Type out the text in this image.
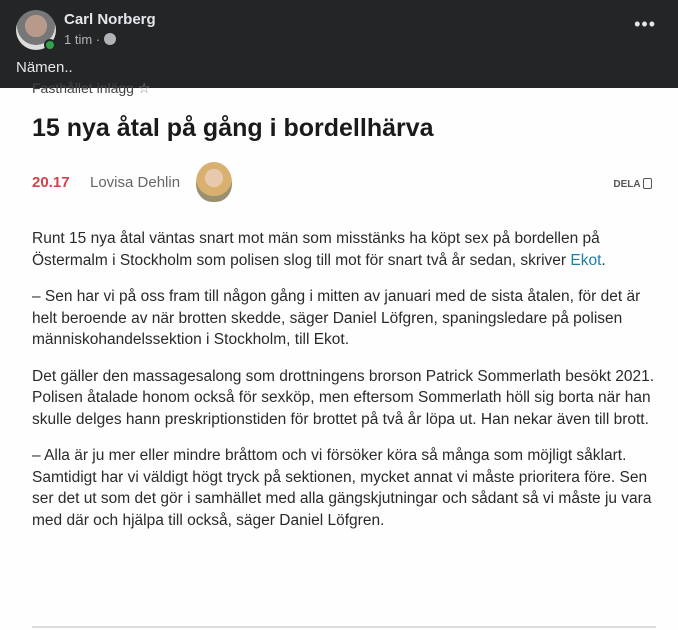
Carl Norberg
1 tim ·
•••
Nämen..
Fasthållet inlägg ☆
15 nya åtal på gång i bordellhärva
20.17 Lovisa Dehlin	DELA

Runt 15 nya åtal väntas snart mot män som misstänks ha köpt sex på bordellen på Östermalm i Stockholm som polisen slog till mot för snart två år sedan, skriver Ekot.

– Sen har vi på oss fram till någon gång i mitten av januari med de sista åtalen, för det är helt beroende av när brotten skedde, säger Daniel Löfgren, spaningsledare på polisen människohandelssektion i Stockholm, till Ekot.

Det gäller den massagesalong som drottningens brorson Patrick Sommerlath besökt 2021. Polisen åtalade honom också för sexköp, men eftersom Sommerlath höll sig borta när han skulle delges hann preskriptionstiden för brottet på två år löpa ut. Han nekar även till brott.

– Alla är ju mer eller mindre bråttom och vi försöker köra så många som möjligt såklart. Samtidigt har vi väldigt högt tryck på sektionen, mycket annat vi måste prioritera före. Sen ser det ut som det gör i samhället med alla gängskjutningar och sådant så vi måste ju vara med där och hjälpa till också, säger Daniel Löfgren.
